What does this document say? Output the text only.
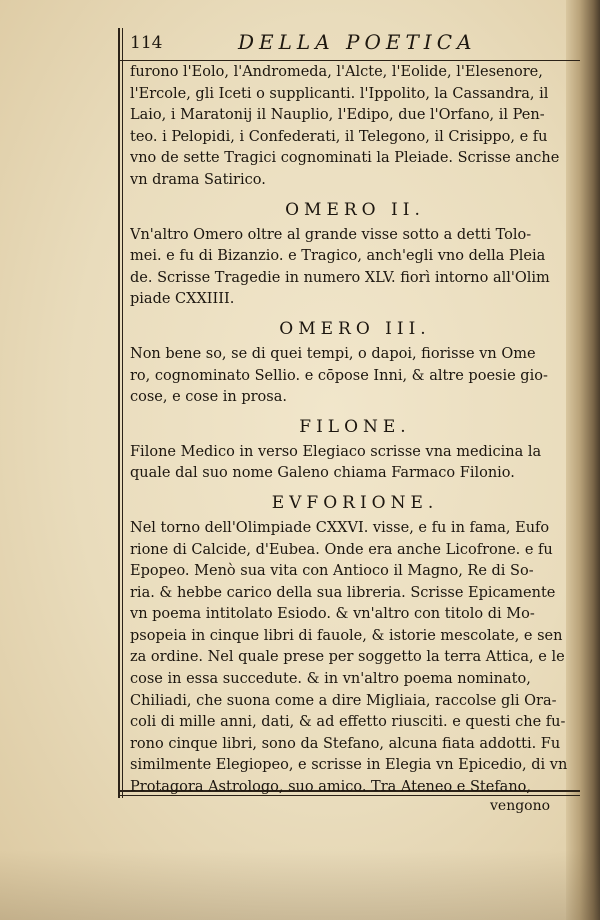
114	DELLA POETICA
furono l'Eolo, l'Andromeda, l'Alcte, l'Eolide, l'Elesenore,
l'Ercole, gli Iceti o supplicanti. l'Ippolito, la Cassandra, il
Laio, i Maratonij il Nauplio, l'Edipo, due l'Orfano, il Pen-
teo. i Pelopidi, i Confederati, il Telegono, il Crisippo, e fu
vno de sette Tragici cognominati la Pleiade. Scrisse anche
vn drama Satirico.
OMERO II.
Vn'altro Omero oltre al grande visse sotto a detti Tolo-
mei. e fu di Bizanzio. e Tragico, anch'egli vno della Pleia
de. Scrisse Tragedie in numero XLV. fiorì intorno all'Olim
piade CXXIIII.
OMERO III.
Non bene so, se di quei tempi, o dapoi, fiorisse vn Ome
ro, cognominato Sellio. e cōpose Inni, & altre poesie gio-
cose, e cose in prosa.
FILONE.
Filone Medico in verso Elegiaco scrisse vna medicina la
quale dal suo nome Galeno chiama Farmaco Filonio.
EVFORIONE.
Nel torno dell'Olimpiade CXXVI. visse, e fu in fama, Eufo
rione di Calcide, d'Eubea. Onde era anche Licofrone. e fu
Epopeo. Menò sua vita con Antioco il Magno, Re di So-
ria. & hebbe carico della sua libreria. Scrisse Epicamente
vn poema intitolato Esiodo. & vn'altro con titolo di Mo-
psopeia in cinque libri di fauole, & istorie mescolate, e sen
za ordine. Nel quale prese per soggetto la terra Attica, e le
cose in essa succedute. & in vn'altro poema nominato,
Chiliadi, che suona come a dire Migliaia, raccolse gli Ora-
coli di mille anni, dati, & ad effetto riusciti. e questi che fu-
rono cinque libri, sono da Stefano, alcuna fiata addotti. Fu
similmente Elegiopeo, e scrisse in Elegia vn Epicedio, di vn
Protagora Astrologo, suo amico. Tra Ateneo e Stefano,
vengono
